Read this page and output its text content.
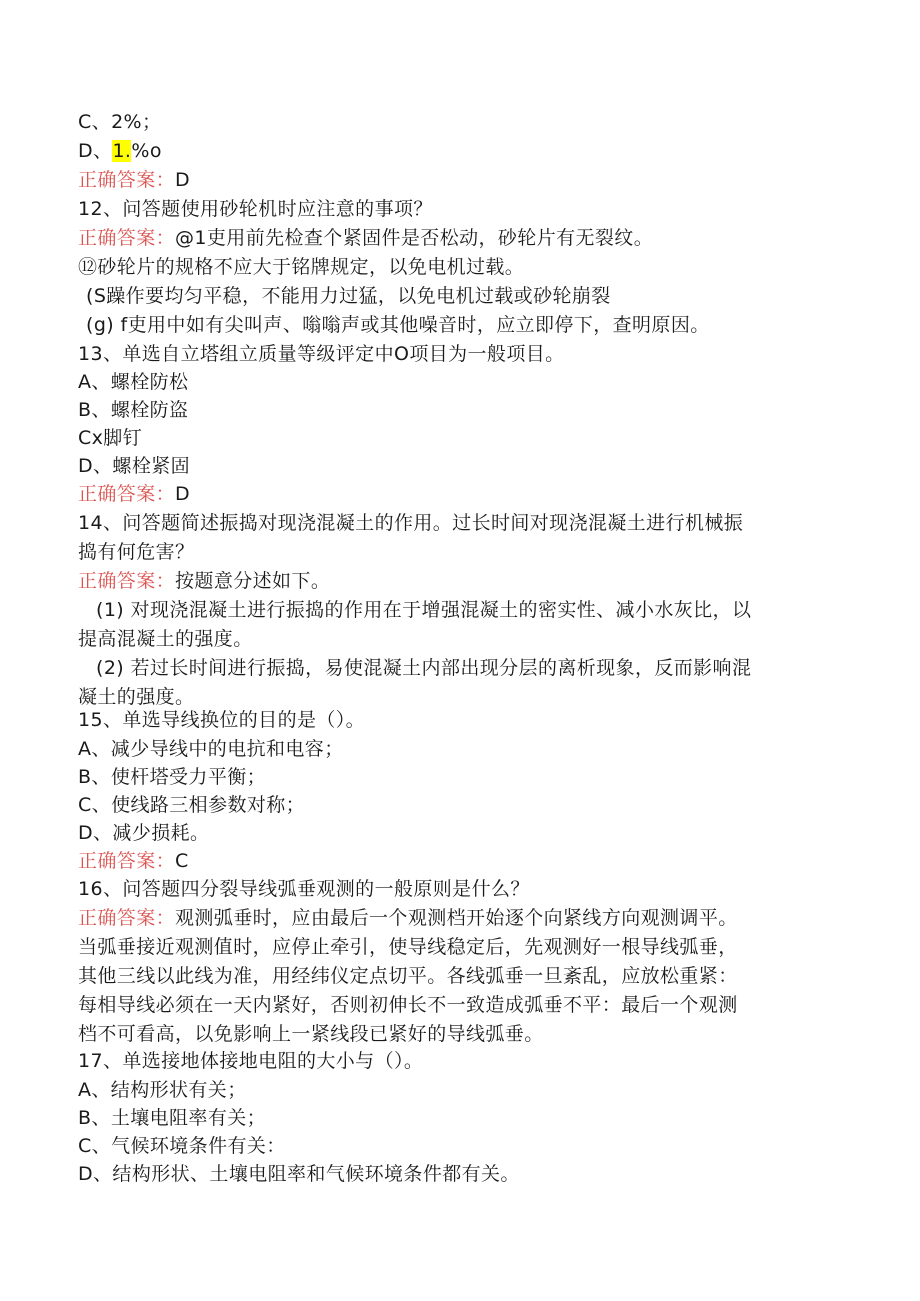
C、2%；
D、1.%o
正确答案：D
12、问答题使用砂轮机时应注意的事项？
正确答案：@1吏用前先检查个紧固件是否松动，砂轮片有无裂纹。
⑫砂轮片的规格不应大于铭牌规定，以免电机过载。
(S躁作要均匀平稳，不能用力过猛，以免电机过载或砂轮崩裂
(g) f吏用中如有尖叫声、嗡嗡声或其他噪音时，应立即停下，查明原因。
13、单选自立塔组立质量等级评定中O项目为一般项目。
A、螺栓防松
B、螺栓防盗
Cx脚钉
D、螺栓紧固
正确答案：D
14、问答题简述振捣对现浇混凝土的作用。过长时间对现浇混凝土进行机械振
捣有何危害？
正确答案：按题意分述如下。
(1) 对现浇混凝土进行振捣的作用在于增强混凝土的密实性、减小水灰比，以
提高混凝土的强度。
(2) 若过长时间进行振捣，易使混凝土内部出现分层的离析现象，反而影响混
凝土的强度。
15、单选导线换位的目的是（）。
A、减少导线中的电抗和电容；
B、使杆塔受力平衡；
C、使线路三相参数对称；
D、减少损耗。
正确答案：C
16、问答题四分裂导线弧垂观测的一般原则是什么？
正确答案：观测弧垂时，应由最后一个观测档开始逐个向紧线方向观测调平。
当弧垂接近观测值时，应停止牵引，使导线稳定后，先观测好一根导线弧垂，
其他三线以此线为准，用经纬仪定点切平。各线弧垂一旦紊乱，应放松重紧：
每相导线必须在一天内紧好，否则初伸长不一致造成弧垂不平：最后一个观测
档不可看高，以免影响上一紧线段已紧好的导线弧垂。
17、单选接地体接地电阻的大小与（）。
A、结构形状有关；
B、土壤电阻率有关；
C、气候环境条件有关：
D、结构形状、土壤电阻率和气候环境条件都有关。
